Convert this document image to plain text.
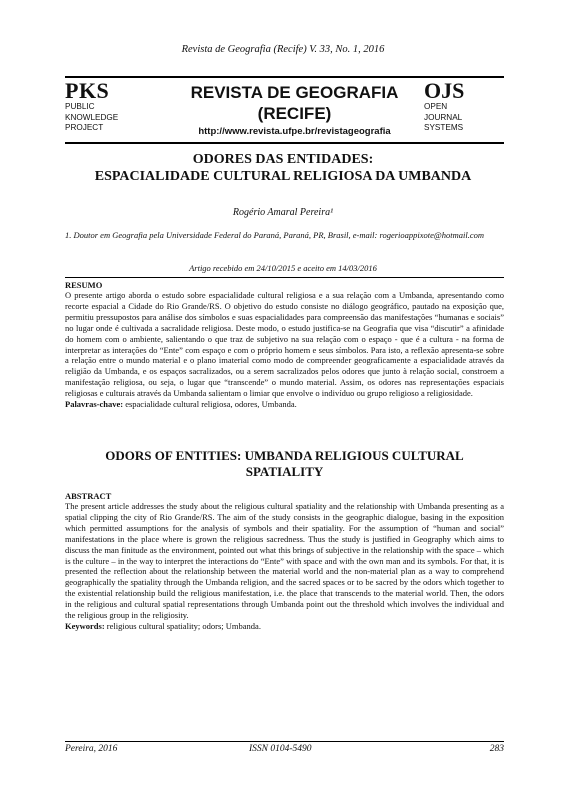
Revista de Geografia (Recife) V. 33, No. 1, 2016
PKS
PUBLIC
KNOWLEDGE
PROJECT
REVISTA DE GEOGRAFIA
(RECIFE)
http://www.revista.ufpe.br/revistageografia
OJS
OPEN
JOURNAL
SYSTEMS
ODORES DAS ENTIDADES:
ESPACIALIDADE CULTURAL RELIGIOSA DA UMBANDA
Rogério Amaral Pereira¹
1. Doutor em Geografia pela Universidade Federal do Paraná, Paraná, PR, Brasil, e-mail: rogerioappixote@hotmail.com
Artigo recebido em 24/10/2015 e aceito em 14/03/2016
RESUMO
O presente artigo aborda o estudo sobre espacialidade cultural religiosa e a sua relação com a Umbanda, apresentando como recorte espacial a Cidade do Rio Grande/RS. O objetivo do estudo consiste no diálogo geográfico, pautado na exposição que, permitiu pressupostos para análise dos símbolos e suas espacialidades para compreensão das manifestações “humanas e sociais” no lugar onde é cultivada a sacralidade religiosa. Deste modo, o estudo justifica-se na Geografia que visa “discutir” a afinidade do homem com o ambiente, salientando o que traz de subjetivo na sua relação com o espaço - que é a cultura - na forma de interpretar as interações do “Ente” com espaço e com o próprio homem e seus símbolos. Para isto, a reflexão apresenta-se sobre a relação entre o mundo material e o plano imaterial como modo de compreender geograficamente a espacialidade através da religião da Umbanda, e os espaços sacralizados, ou a serem sacralizados pelos odores que junto à relação social, constroem a manifestação religiosa, ou seja, o lugar que “transcende” o mundo material. Assim, os odores nas representações espaciais religiosas e culturais através da Umbanda salientam o limiar que envolve o indivíduo ou grupo religioso a religiosidade.
Palavras-chave: espacialidade cultural religiosa, odores, Umbanda.
ODORS OF ENTITIES: UMBANDA RELIGIOUS CULTURAL
SPATIALITY
ABSTRACT
The present article addresses the study about the religious cultural spatiality and the relationship with Umbanda presenting as a spatial clipping the city of Rio Grande/RS. The aim of the study consists in the geographic dialogue, basing in the exposition which permitted assumptions for the analysis of symbols and their spatiality. For the assumption of “human and social” manifestations in the place where is grown the religious sacredness. Thus the study is justified in Geography which aims to discuss the man finitude as the environment, pointed out what this brings of subjective in the relationship with the space – which is the culture – in the way to interpret the interactions do “Ente” with space and with the own man and its symbols. For that, it is presented the reflection about the relationship between the material world and the non-material plan as a way to comprehend geographically the spatiality through the Umbanda religion, and the sacred spaces or to be sacred by the odors which together to the existential relationship build the religious manifestation, i.e. the place that transcends to the material world. Then, the odors in the religious and cultural spatial representations through Umbanda point out the threshold which involves the individual and the religious group in the religiosity.
Keywords: religious cultural spatiality; odors; Umbanda.
Pereira, 2016	ISSN 0104-5490	283
